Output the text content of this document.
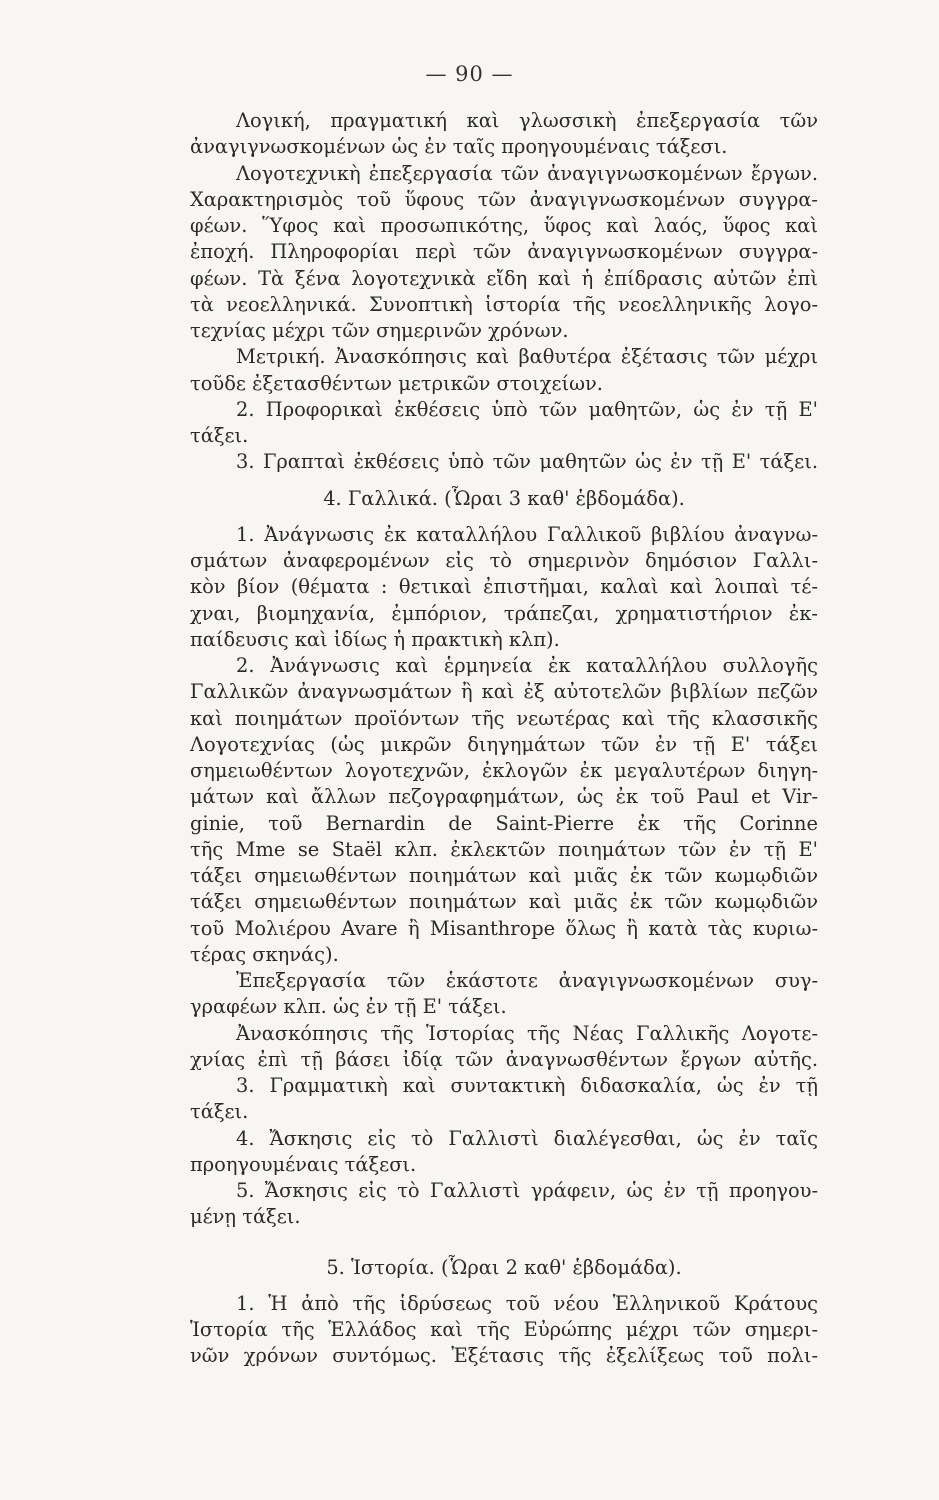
— 90 —
Λογική, πραγματική καὶ γλωσσικὴ ἐπεξεργασία τῶν
ἀναγιγνωσκομένων ὡς ἐν ταῖς προηγουμέναις τάξεσι.
Λογοτεχνικὴ ἐπεξεργασία τῶν ἀναγιγνωσκομένων ἔργων.
Χαρακτηρισμὸς τοῦ ὕφους τῶν ἀναγιγνωσκομένων συγγρα-
φέων. Ὕφος καὶ προσωπικότης, ὕφος καὶ λαός, ὕφος καὶ
ἐποχή. Πληροφορίαι περὶ τῶν ἀναγιγνωσκομένων συγγρα-
φέων. Τὰ ξένα λογοτεχνικὰ εἴδη καὶ ἡ ἐπίδρασις αὐτῶν ἐπὶ
τὰ νεοελληνικά. Συνοπτικὴ ἱστορία τῆς νεοελληνικῆς λογο-
τεχνίας μέχρι τῶν σημερινῶν χρόνων.
Μετρική. Ἀνασκόπησις καὶ βαθυτέρα ἐξέτασις τῶν μέχρι
τοῦδε ἐξετασθέντων μετρικῶν στοιχείων.
2. Προφορικαὶ ἐκθέσεις ὑπὸ τῶν μαθητῶν, ὡς ἐν τῇ Ε'
τάξει.
3. Γραπταὶ ἐκθέσεις ὑπὸ τῶν μαθητῶν ὡς ἐν τῇ Ε' τάξει.
4. Γαλλικά. (Ὧραι 3 καθ' ἑβδομάδα).
1. Ἀνάγνωσις ἐκ καταλλήλου Γαλλικοῦ βιβλίου ἀναγνω-
σμάτων ἀναφερομένων εἰς τὸ σημερινὸν δημόσιον Γαλλι-
κὸν βίον (θέματα : θετικαὶ ἐπιστῆμαι, καλαὶ καὶ λοιπαὶ τέ-
χναι, βιομηχανία, ἐμπόριον, τράπεζαι, χρηματιστήριον ἐκ-
παίδευσις καὶ ἰδίως ἡ πρακτικὴ κλπ).
2. Ἀνάγνωσις καὶ ἑρμηνεία ἐκ καταλλήλου συλλογῆς
Γαλλικῶν ἀναγνωσμάτων ἢ καὶ ἐξ αὐτοτελῶν βιβλίων πεζῶν
καὶ ποιημάτων προϊόντων τῆς νεωτέρας καὶ τῆς κλασσικῆς
Λογοτεχνίας (ὡς μικρῶν διηγημάτων τῶν ἐν τῇ Ε' τάξει
σημειωθέντων λογοτεχνῶν, ἐκλογῶν ἐκ μεγαλυτέρων διηγη-
μάτων καὶ ἄλλων πεζογραφημάτων, ὡς ἐκ τοῦ Paul et Vir-
ginie, τοῦ Bernardin de Saint-Pierre ἐκ τῆς Corinne
τῆς Mme se Staël κλπ. ἐκλεκτῶν ποιημάτων τῶν ἐν τῇ Ε'
τάξει σημειωθέντων ποιημάτων καὶ μιᾶς ἐκ τῶν κωμῳδιῶν
τάξει σημειωθέντων ποιημάτων καὶ μιᾶς ἐκ τῶν κωμῳδιῶν
τοῦ Μολιέρου Avare ἢ Misanthrope ὅλως ἢ κατὰ τὰς κυριω-
τέρας σκηνάς).
Ἐπεξεργασία τῶν ἑκάστοτε ἀναγιγνωσκομένων συγ-
γραφέων κλπ. ὡς ἐν τῇ Ε' τάξει.
Ἀνασκόπησις τῆς Ἱστορίας τῆς Νέας Γαλλικῆς Λογοτε-
χνίας ἐπὶ τῇ βάσει ἰδίᾳ τῶν ἀναγνωσθέντων ἔργων αὐτῆς.
3. Γραμματικὴ καὶ συντακτικὴ διδασκαλία, ὡς ἐν τῇ
τάξει.
4. Ἄσκησις εἰς τὸ Γαλλιστὶ διαλέγεσθαι, ὡς ἐν ταῖς
προηγουμέναις τάξεσι.
5. Ἄσκησις εἰς τὸ Γαλλιστὶ γράφειν, ὡς ἐν τῇ προηγου-
μένῃ τάξει.
5. Ἱστορία. (Ὧραι 2 καθ' ἑβδομάδα).
1. Ἡ ἀπὸ τῆς ἱδρύσεως τοῦ νέου Ἑλληνικοῦ Κράτους
Ἱστορία τῆς Ἑλλάδος καὶ τῆς Εὐρώπης μέχρι τῶν σημερι-
νῶν χρόνων συντόμως. Ἐξέτασις τῆς ἐξελίξεως τοῦ πολι-
